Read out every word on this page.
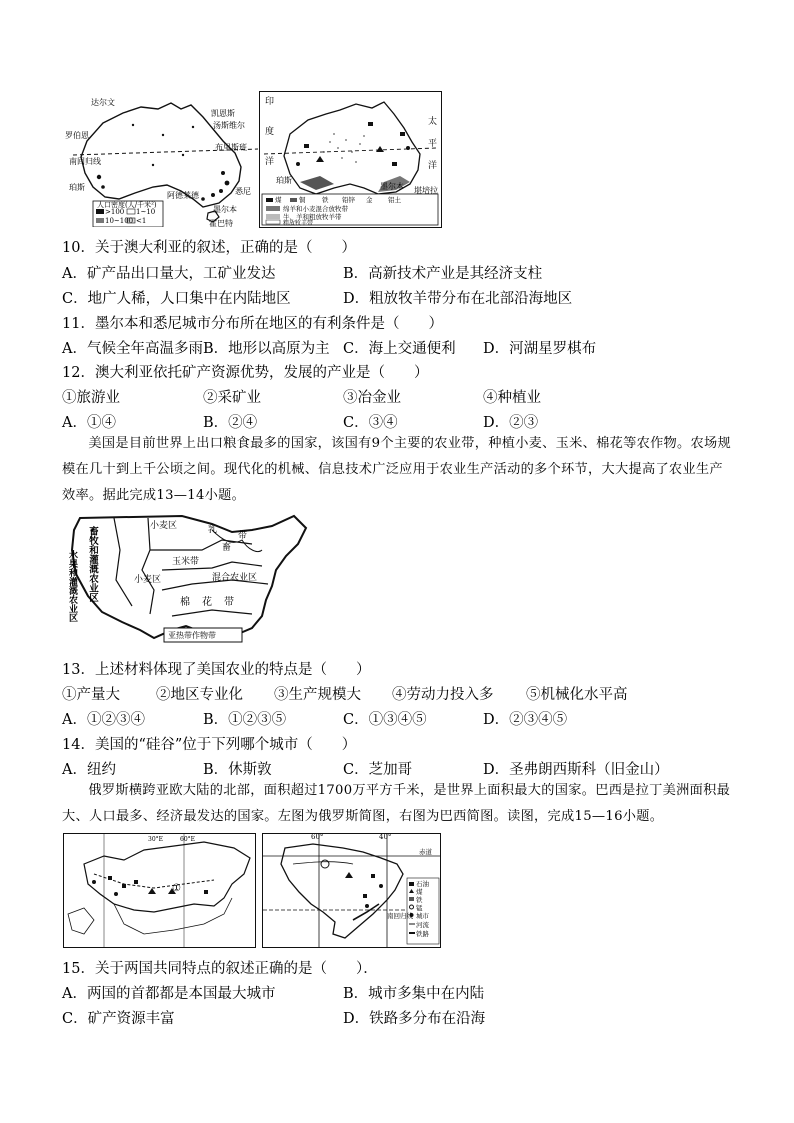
达尔文
凯恩斯
汤斯维尔
罗伯恩
南回归线
布里斯班
珀斯
阿德莱德
墨尔本
悉尼
霍巴特
人口密度(人/千米²)
>100 1~10
10~100 <1
印
度
洋
太
平
洋
珀斯
墨尔本 堪培拉
煤	铜	铁 铅锌 金 铝土
绵羊和小麦混合放牧带
牛、羊和粗放牧羊带
粗放牧羊带
10．关于澳大利亚的叙述，正确的是（　　）
A．矿产品出口量大，工矿业发达	B．高新技术产业是其经济支柱
C．地广人稀，人口集中在内陆地区	D．粗放牧羊带分布在北部沿海地区
11．墨尔本和悉尼城市分布所在地区的有利条件是（　　）
A．气候全年高温多雨 B．地形以高原为主 C．海上交通便利 D．河湖星罗棋布
12．澳大利亚依托矿产资源优势，发展的产业是（　　）
①旅游业	②采矿业	③冶金业	④种植业
A．①④	B．②④	C．③④	D．②③
美国是目前世界上出口粮食最多的国家，该国有9个主要的农业带，种植小麦、玉米、棉花等农作物。农场规模在几十到上千公顷之间。现代化的机械、信息技术广泛应用于农业生产活动的多个环节，大大提高了农业生产效率。据此完成13—14小题。
畜牧和灌溉农业区	小麦区	乳
畜
带
玉米带
小麦区	混合农业区
棉花带
亚热带作物带
水果和灌溉农业区
13．上述材料体现了美国农业的特点是（　　）
①产量大 ②地区专业化 ③生产规模大 ④劳动力投入多 ⑤机械化水平高
A．①②③④	B．①②③⑤	C．①③④⑤	D．②③④⑤
14．美国的“硅谷”位于下列哪个城市（　　）
A．纽约	B．休斯敦	C．芝加哥	D．圣弗朗西斯科（旧金山）
俄罗斯横跨亚欧大陆的北部，面积超过1700万平方千米，是世界上面积最大的国家。巴西是拉丁美洲面积最大、人口最多、经济最发达的国家。左图为俄罗斯简图，右图为巴西简图。读图，完成15—16小题。
30°E	60°E
①
60°	40°
赤道
南回归线
石油
煤
铁
锰
城市
河流
铁路
15．关于两国共同特点的叙述正确的是（　　）．
A．两国的首都都是本国最大城市	B．城市多集中在内陆
C．矿产资源丰富	D．铁路多分布在沿海
